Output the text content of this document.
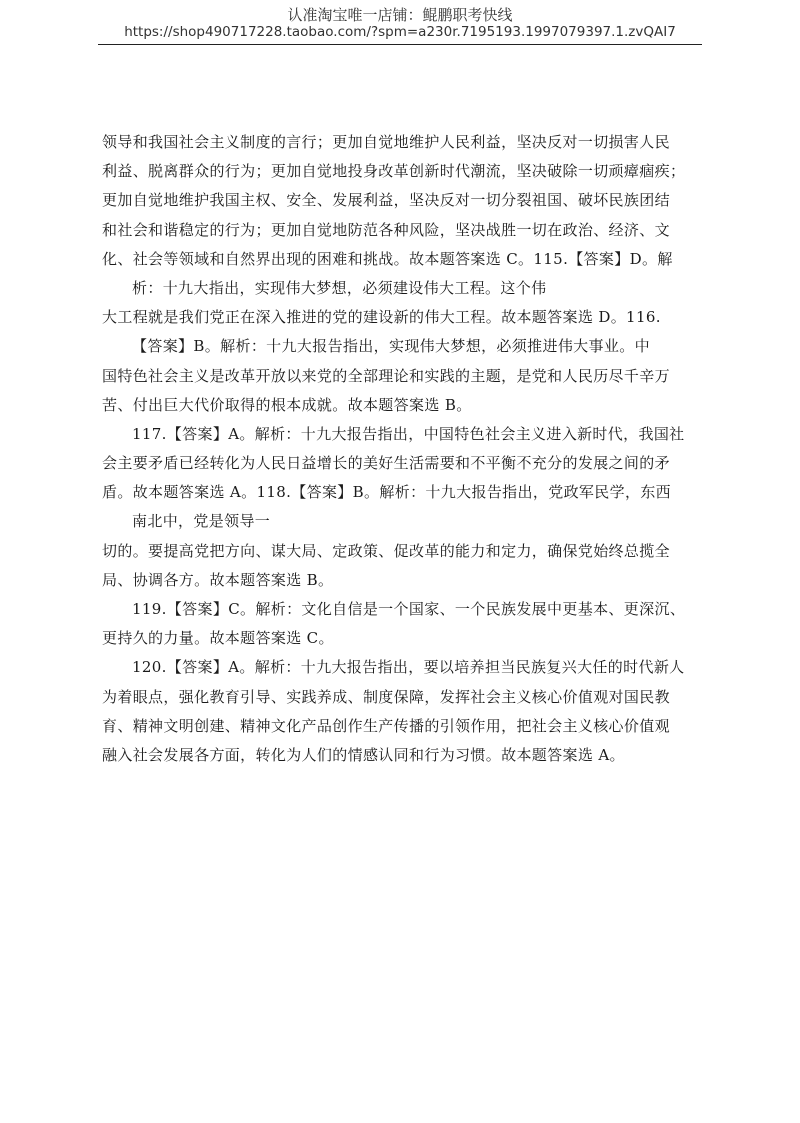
认准淘宝唯一店铺：鲲鹏职考快线
https://shop490717228.taobao.com/?spm=a230r.7195193.1997079397.1.zvQAI7
领导和我国社会主义制度的言行；更加自觉地维护人民利益，坚决反对一切损害人民
利益、脱离群众的行为；更加自觉地投身改革创新时代潮流，坚决破除一切顽瘴痼疾；
更加自觉地维护我国主权、安全、发展利益，坚决反对一切分裂祖国、破坏民族团结
和社会和谐稳定的行为；更加自觉地防范各种风险，坚决战胜一切在政治、经济、文
化、社会等领域和自然界出现的困难和挑战。故本题答案选 C。115.【答案】D。解
析：十九大指出，实现伟大梦想，必须建设伟大工程。这个伟
大工程就是我们党正在深入推进的党的建设新的伟大工程。故本题答案选 D。116.
【答案】B。解析：十九大报告指出，实现伟大梦想，必须推进伟大事业。中
国特色社会主义是改革开放以来党的全部理论和实践的主题，是党和人民历尽千辛万
苦、付出巨大代价取得的根本成就。故本题答案选 B。
117.【答案】A。解析：十九大报告指出，中国特色社会主义进入新时代，我国社
会主要矛盾已经转化为人民日益增长的美好生活需要和不平衡不充分的发展之间的矛
盾。故本题答案选 A。118.【答案】B。解析：十九大报告指出，党政军民学，东西
南北中，党是领导一
切的。要提高党把方向、谋大局、定政策、促改革的能力和定力，确保党始终总揽全
局、协调各方。故本题答案选 B。
119.【答案】C。解析：文化自信是一个国家、一个民族发展中更基本、更深沉、
更持久的力量。故本题答案选 C。
120.【答案】A。解析：十九大报告指出，要以培养担当民族复兴大任的时代新人
为着眼点，强化教育引导、实践养成、制度保障，发挥社会主义核心价值观对国民教
育、精神文明创建、精神文化产品创作生产传播的引领作用，把社会主义核心价值观
融入社会发展各方面，转化为人们的情感认同和行为习惯。故本题答案选 A。
